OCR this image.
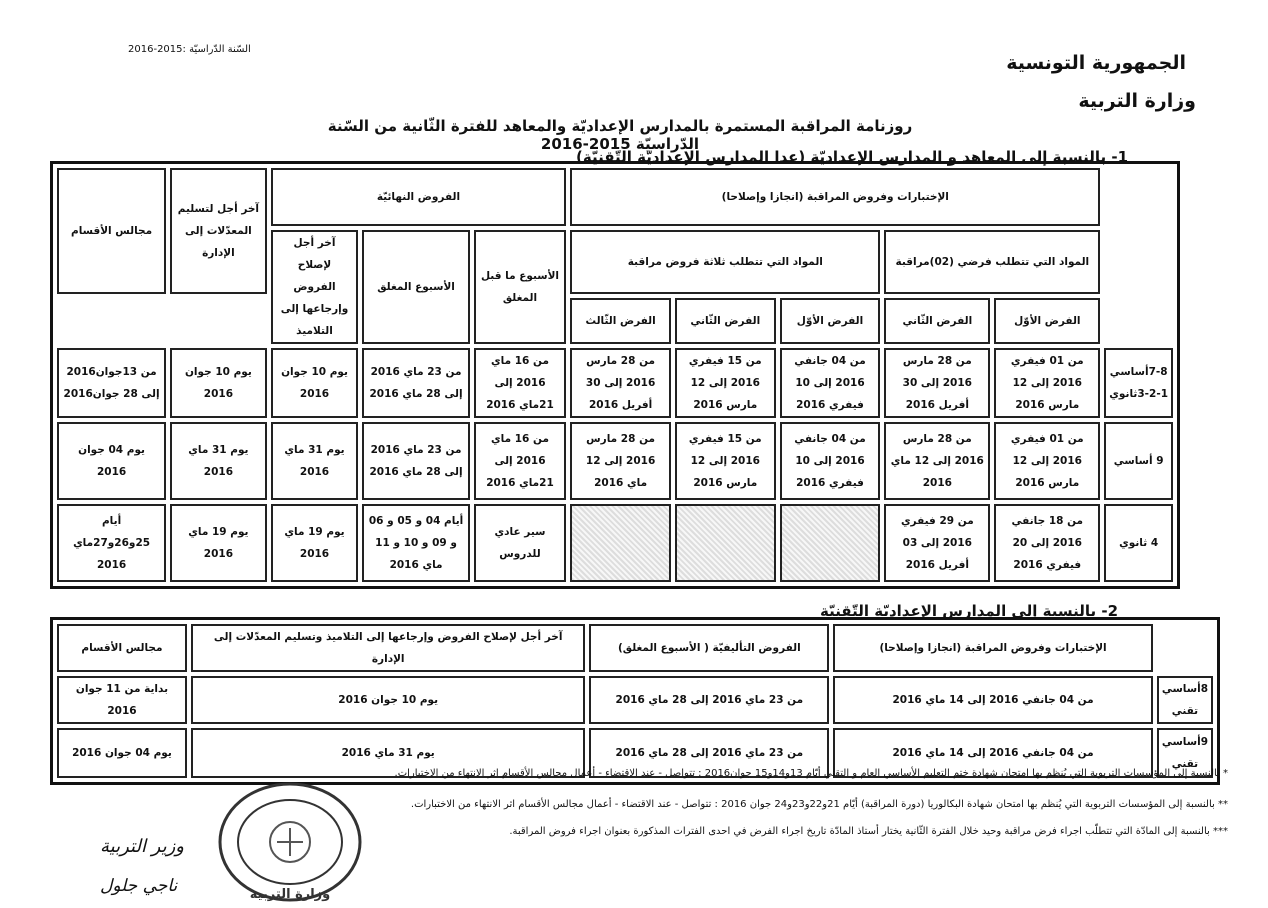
السّنة الدّراسيّة :2015-2016
الجمهورية التونسية
وزارة التربية
روزنامة المراقبة المستمرة بالمدارس الإعداديّة والمعاهد للفترة الثّانية من السّنة الدّراسيّة 2015-2016
1- بالنسبة إلى المعاهد و المدارس الإعداديّة (عدا المدارس الإعداديّة التّقنيّة)
	الإختبارات وفروض المراقبة (انجازا وإصلاحا)					الفروض النهائيّة			آخر أجل لتسليم المعدّلات إلى الإدارة	مجالس الأقسام
	المواد التي تتطلب فرضي (02)مراقبة		المواد التي تتطلب ثلاثة فروض مراقبة			الأسبوع ما قبل المغلق	الأسبوع المغلق	آخر أجل لإصلاح الفروض وإرجاعها إلى التلاميذ		
	الفرض الأوّل	الفرض الثّاني	الفرض الأوّل	الفرض الثّاني	الفرض الثّالث					
7-8أساسي 1-2-3ثانوي	من 01 فيفري 2016 إلى 12 مارس 2016	من 28 مارس 2016 إلى 30 أفريل 2016	من 04 جانفي 2016 إلى 10 فيفري 2016	من 15 فيفري 2016 إلى 12 مارس 2016	من 28 مارس 2016 إلى 30 أفريل 2016	من 16 ماي 2016 إلى 21ماي 2016	من 23 ماي 2016 إلى 28 ماي 2016	يوم 10 جوان 2016	يوم 10 جوان 2016	من 13جوان2016 إلى 28 جوان2016
9 أساسي	من 01 فيفري 2016 إلى 12 مارس 2016	من 28 مارس 2016 إلى 12 ماي 2016	من 04 جانفي 2016 إلى 10 فيفري 2016	من 15 فيفري 2016 إلى 12 مارس 2016	من 28 مارس 2016 إلى 12 ماي 2016	من 16 ماي 2016 إلى 21ماي 2016	من 23 ماي 2016 إلى 28 ماي 2016	يوم 31 ماي 2016	يوم 31 ماي 2016	يوم 04 جوان 2016
4 ثانوي	من 18 جانفي 2016 إلى 20 فيفري 2016	من 29 فيفري 2016 إلى 03 أفريل 2016				سير عادي للدروس	أيام 04 و 05 و 06 و 09 و 10 و 11 ماي 2016	يوم 19 ماي 2016	يوم 19 ماي 2016	أيام 25و26و27ماي 2016
2- بالنسبة إلى المدارس الإعداديّة التّقنيّة
	الإختبارات وفروض المراقبة (انجازا وإصلاحا)	الفروض التأليفيّة ( الأسبوع المغلق)	آخر أجل لإصلاح الفروض وإرجاعها إلى التلاميذ وتسليم المعدّلات إلى الإدارة	مجالس الأقسام
8أساسي تقني	من 04 جانفي 2016 إلى 14 ماي 2016	من 23 ماي 2016 إلى 28 ماي 2016	يوم 10 جوان 2016	بداية من 11 جوان 2016
9أساسي تقني	من 04 جانفي 2016 إلى 14 ماي 2016	من 23 ماي 2016 إلى 28 ماي 2016	يوم 31 ماي 2016	يوم 04 جوان 2016
* بالنسبة إلى المؤسسات التربوية التي يُنظم بها امتحان شهادة ختم التعليم الأساسي العام و التقني أيّام 13و14و15 جوان2016 : تتواصل - عند الاقتضاء - أعمال مجالس الأقسام اثر الانتهاء من الاختبارات.
** بالنسبة إلى المؤسسات التربوية التي يُنظم بها امتحان شهادة البكالوريا (دورة المراقبة) أيّام 21و22و23و24 جوان 2016 : تتواصل - عند الاقتضاء - أعمال مجالس الأقسام اثر الانتهاء من الاختبارات.
*** بالنسبة إلى المادّة التي تتطلّب اجراء فرض مراقبة وحيد خلال الفترة الثّانية يختار أستاذ المادّة تاريخ اجراء الفرض في احدى الفترات المذكورة بعنوان اجراء فروض المراقبة.
وزير التربية
ناجي جلول	وزارة التربية
